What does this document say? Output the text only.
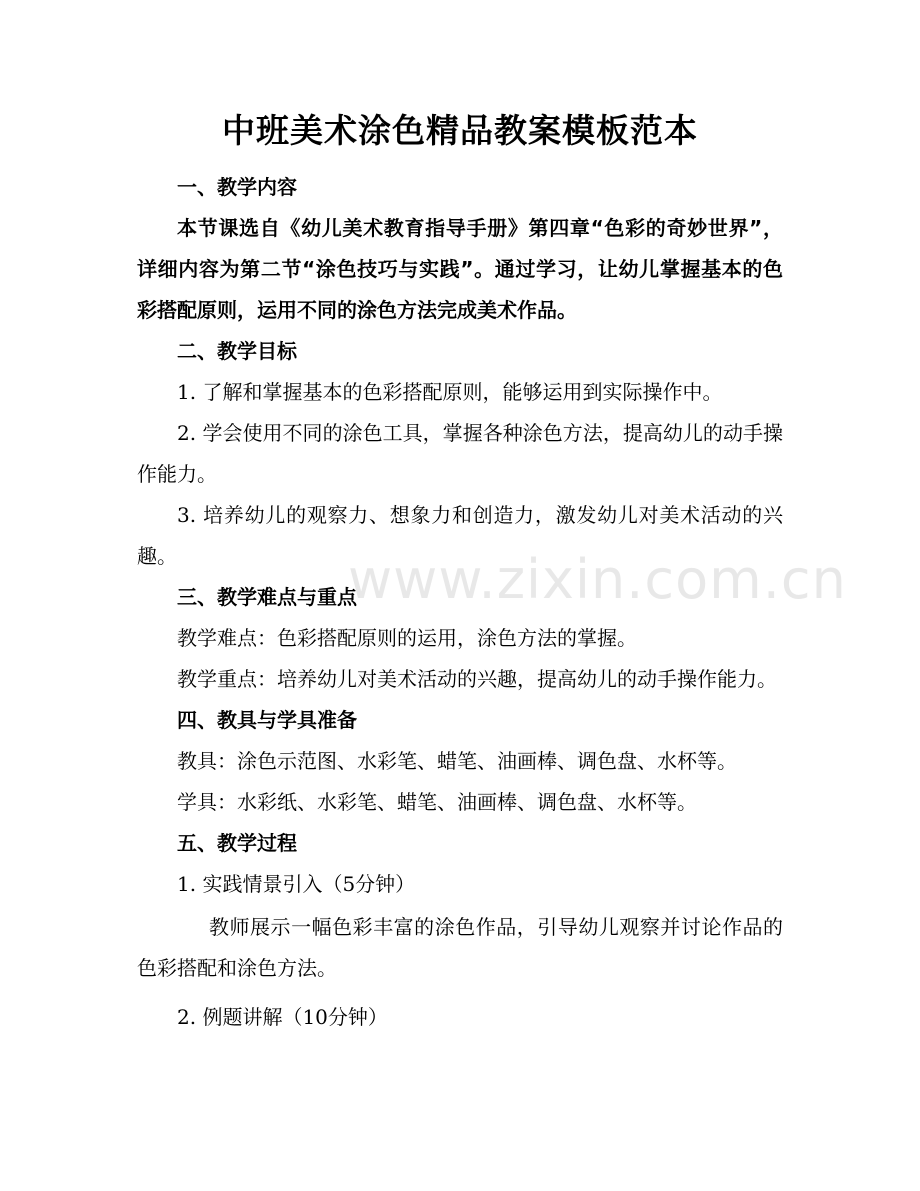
中班美术涂色精品教案模板范本

一、教学内容

本节课选自《幼儿美术教育指导手册》第四章“色彩的奇妙世界”，详细内容为第二节“涂色技巧与实践”。通过学习，让幼儿掌握基本的色彩搭配原则，运用不同的涂色方法完成美术作品。

二、教学目标

1. 了解和掌握基本的色彩搭配原则，能够运用到实际操作中。

2. 学会使用不同的涂色工具，掌握各种涂色方法，提高幼儿的动手操作能力。

3. 培养幼儿的观察力、想象力和创造力，激发幼儿对美术活动的兴趣。

三、教学难点与重点

教学难点：色彩搭配原则的运用，涂色方法的掌握。

教学重点：培养幼儿对美术活动的兴趣，提高幼儿的动手操作能力。

四、教具与学具准备

教具：涂色示范图、水彩笔、蜡笔、油画棒、调色盘、水杯等。

学具：水彩纸、水彩笔、蜡笔、油画棒、调色盘、水杯等。

五、教学过程

1. 实践情景引入（5分钟）

教师展示一幅色彩丰富的涂色作品，引导幼儿观察并讨论作品的色彩搭配和涂色方法。

2. 例题讲解（10分钟）

www.zixin.com.cn
